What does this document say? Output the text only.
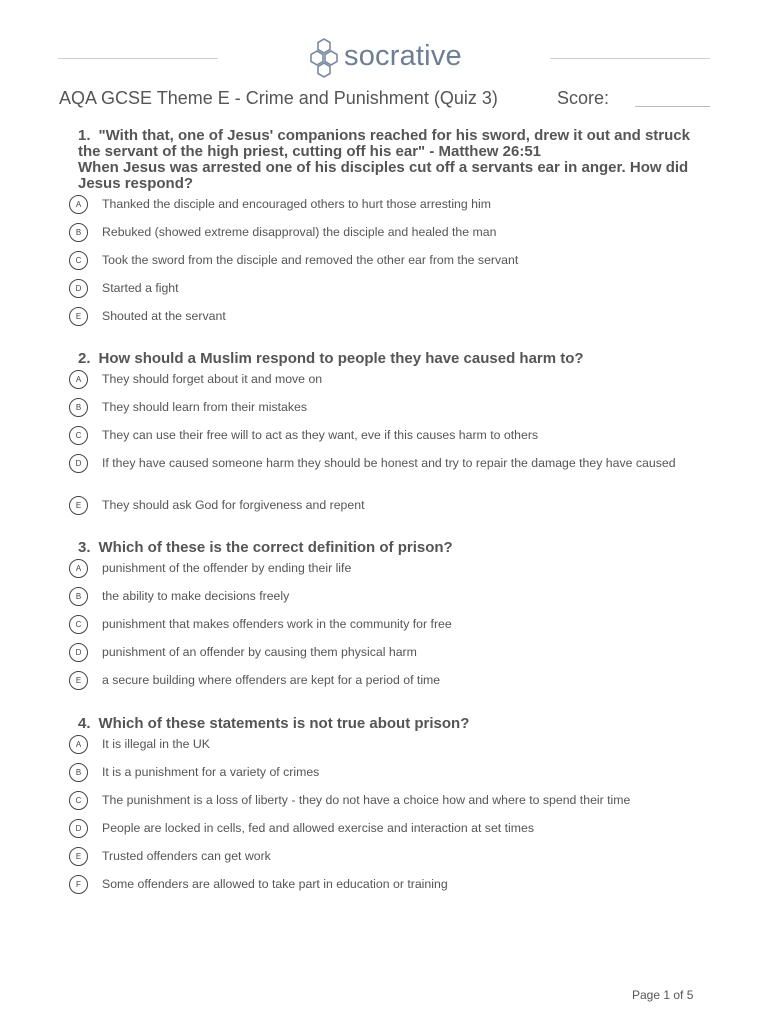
socrative
AQA GCSE Theme E - Crime and Punishment (Quiz 3)	Score:

1. "With that, one of Jesus' companions reached for his sword, drew it out and struck the servant of the high priest, cutting off his ear" - Matthew 26:51
When Jesus was arrested one of his disciples cut off a servants ear in anger. How did Jesus respond?

A	Thanked the disciple and encouraged others to hurt those arresting him
B	Rebuked (showed extreme disapproval) the disciple and healed the man
C	Took the sword from the disciple and removed the other ear from the servant
D	Started a fight
E	Shouted at the servant

2. How should a Muslim respond to people they have caused harm to?

A	They should forget about it and move on
B	They should learn from their mistakes
C	They can use their free will to act as they want, eve if this causes harm to others
D	If they have caused someone harm they should be honest and try to repair the damage they have caused
E	They should ask God for forgiveness and repent

3. Which of these is the correct definition of prison?

A	punishment of the offender by ending their life
B	the ability to make decisions freely
C	punishment that makes offenders work in the community for free
D	punishment of an offender by causing them physical harm
E	a secure building where offenders are kept for a period of time

4. Which of these statements is not true about prison?

A	It is illegal in the UK
B	It is a punishment for a variety of crimes
C	The punishment is a loss of liberty - they do not have a choice how and where to spend their time
D	People are locked in cells, fed and allowed exercise and interaction at set times
E	Trusted offenders can get work
F	Some offenders are allowed to take part in education or training
Page 1 of 5
